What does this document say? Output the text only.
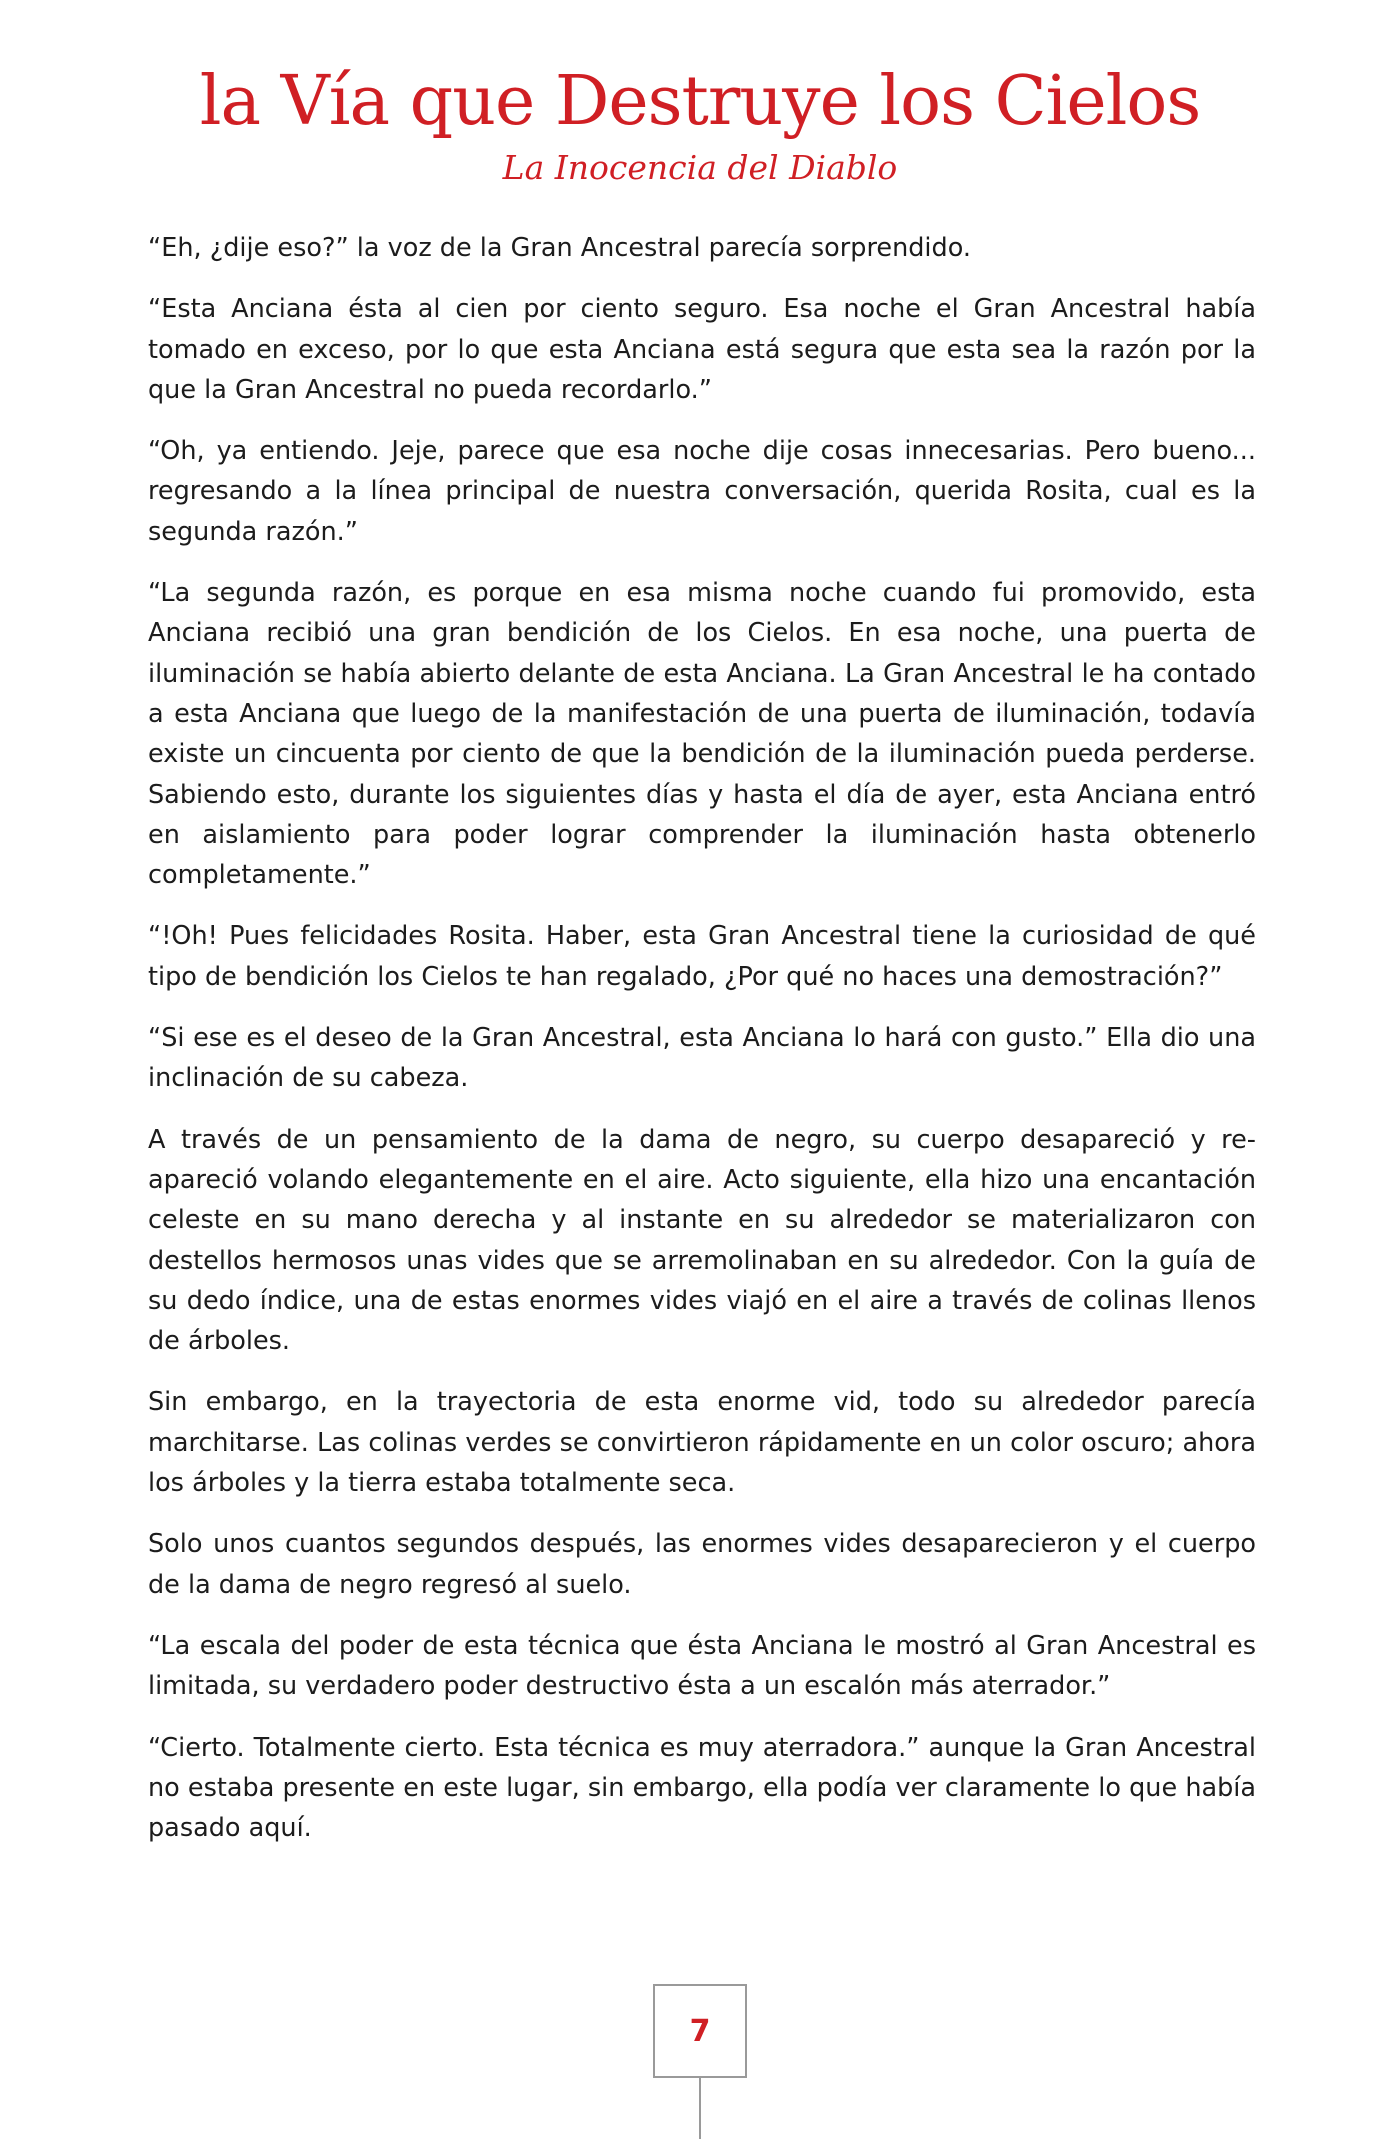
la Vía que Destruye los Cielos
La Inocencia del Diablo

“Eh, ¿dije eso?” la voz de la Gran Ancestral parecía sorprendido.

“Esta Anciana ésta al cien por ciento seguro. Esa noche el Gran Ancestral había tomado en exceso, por lo que esta Anciana está segura que esta sea la razón por la que la Gran Ancestral no pueda recordarlo.”

“Oh, ya entiendo. Jeje, parece que esa noche dije cosas innecesarias. Pero bueno... regresando a la línea principal de nuestra conversación, querida Rosita, cual es la segunda razón.”

“La segunda razón, es porque en esa misma noche cuando fui promovido, esta Anciana recibió una gran bendición de los Cielos. En esa noche, una puerta de iluminación se había abierto delante de esta Anciana. La Gran Ancestral le ha contado a esta Anciana que luego de la manifestación de una puerta de iluminación, todavía existe un cincuenta por ciento de que la bendición de la iluminación pueda perderse. Sabiendo esto, durante los siguientes días y hasta el día de ayer, esta Anciana entró en aislamiento para poder lograr comprender la iluminación hasta obtenerlo completamente.”

“!Oh! Pues felicidades Rosita. Haber, esta Gran Ancestral tiene la curiosidad de qué tipo de bendición los Cielos te han regalado, ¿Por qué no haces una demostración?”

“Si ese es el deseo de la Gran Ancestral, esta Anciana lo hará con gusto.” Ella dio una inclinación de su cabeza.

A través de un pensamiento de la dama de negro, su cuerpo desapareció y re-apareció volando elegantemente en el aire. Acto siguiente, ella hizo una encantación celeste en su mano derecha y al instante en su alrededor se materializaron con destellos hermosos unas vides que se arremolinaban en su alrededor. Con la guía de su dedo índice, una de estas enormes vides viajó en el aire a través de colinas llenos de árboles.

Sin embargo, en la trayectoria de esta enorme vid, todo su alrededor parecía marchitarse. Las colinas verdes se convirtieron rápidamente en un color oscuro; ahora los árboles y la tierra estaba totalmente seca.

Solo unos cuantos segundos después, las enormes vides desaparecieron y el cuerpo de la dama de negro regresó al suelo.

“La escala del poder de esta técnica que ésta Anciana le mostró al Gran Ancestral es limitada, su verdadero poder destructivo ésta a un escalón más aterrador.”

“Cierto. Totalmente cierto. Esta técnica es muy aterradora.” aunque la Gran Ancestral no estaba presente en este lugar, sin embargo, ella podía ver claramente lo que había pasado aquí.

7
